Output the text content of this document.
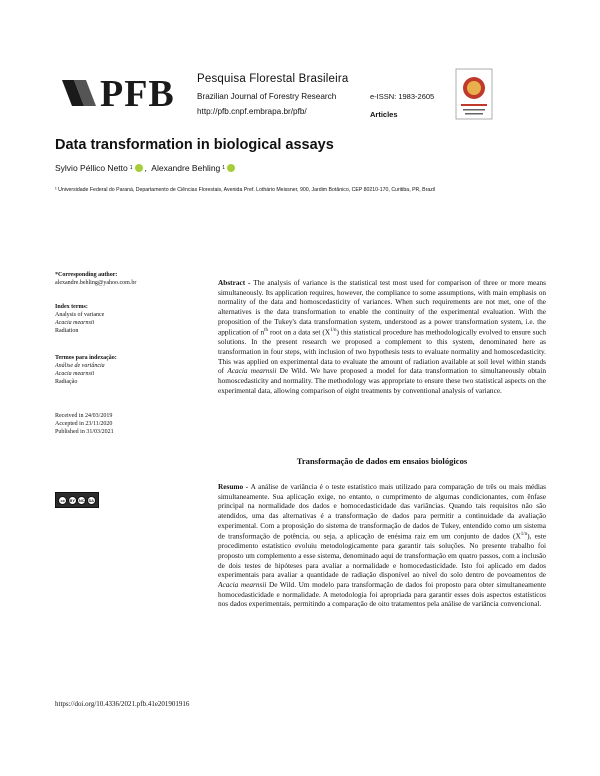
PFB Pesquisa Florestal Brasileira
Brazilian Journal of Forestry Research
http://pfb.cnpf.embrapa.br/pfb/
e-ISSN: 1983-2605
Articles
Data transformation in biological assays
Sylvio Péllico Netto 1 , Alexandre Behling 1
¹ Universidade Federal do Paraná, Departamento de Ciências Florestais, Avenida Pref. Lothário Meissner, 900, Jardim Botânico, CEP 80210-170, Curitiba, PR, Brazil
*Corresponding author:
alexandre.behling@yahoo.com.br
Index terms:
Analysis of variance
Acacia mearnsii
Radiation
Termos para indexação:
Análise de variância
Acacia mearnsii
Radiação
Received in 24/03/2019
Accepted in 23/11/2020
Published in 31/03/2021
cc	BY NC SA
Abstract - The analysis of variance is the statistical test most used for comparison of three or more means simultaneously. Its application requires, however, the compliance to some assumptions, with main emphasis on normality of the data and homoscedasticity of variances. When such requirements are not met, one of the alternatives is the data transformation to enable the continuity of the experimental evaluation. With the proposition of the Tukey's data transformation system, understood as a power transformation system, i.e. the application of $n^{th}$ root on a data set $(X^{1/n})$ this statistical procedure has methodologically evolved to ensure such solutions. In the present research we proposed a complement to this system, denominated here as transformation in four steps, with inclusion of two hypothesis tests to evaluate normality and homoscedasticity. This was applied on experimental data to evaluate the amount of radiation available at soil level within stands of Acacia mearnsii De Wild. We have proposed a model for data transformation to simultaneously obtain homoscedasticity and normality. The methodology was appropriate to ensure these two statistical aspects on the experimental data, allowing comparison of eight treatments by conventional analysis of variance.
Transformação de dados em ensaios biológicos
Resumo - A análise de variância é o teste estatístico mais utilizado para comparação de três ou mais médias simultaneamente. Sua aplicação exige, no entanto, o cumprimento de algumas condicionantes, com ênfase principal na normalidade dos dados e homocedasticidade das variâncias. Quando tais requisitos não são atendidos, uma das alternativas é a transformação de dados para permitir a continuidade da avaliação experimental. Com a proposição do sistema de transformação de dados de Tukey, entendido como um sistema de transformação de potência, ou seja, a aplicação de enésima raiz em um conjunto de dados $(X^{1/n})$, este procedimento estatístico evoluiu metodologicamente para garantir tais soluções. No presente trabalho foi proposto um complemento a esse sistema, denominado aqui de transformação em quatro passos, com a inclusão de dois testes de hipóteses para avaliar a normalidade e homocedasticidade. Isto foi aplicado em dados experimentais para avaliar a quantidade de radiação disponível ao nível do solo dentro de povoamentos de Acacia mearnsii De Wild. Um modelo para transformação de dados foi proposto para obter simultaneamente homocedasticidade e normalidade. A metodologia foi apropriada para garantir esses dois aspectos estatísticos nos dados experimentais, permitindo a comparação de oito tratamentos pela análise de variância convencional.
https://doi.org/10.4336/2021.pfb.41e201901916
